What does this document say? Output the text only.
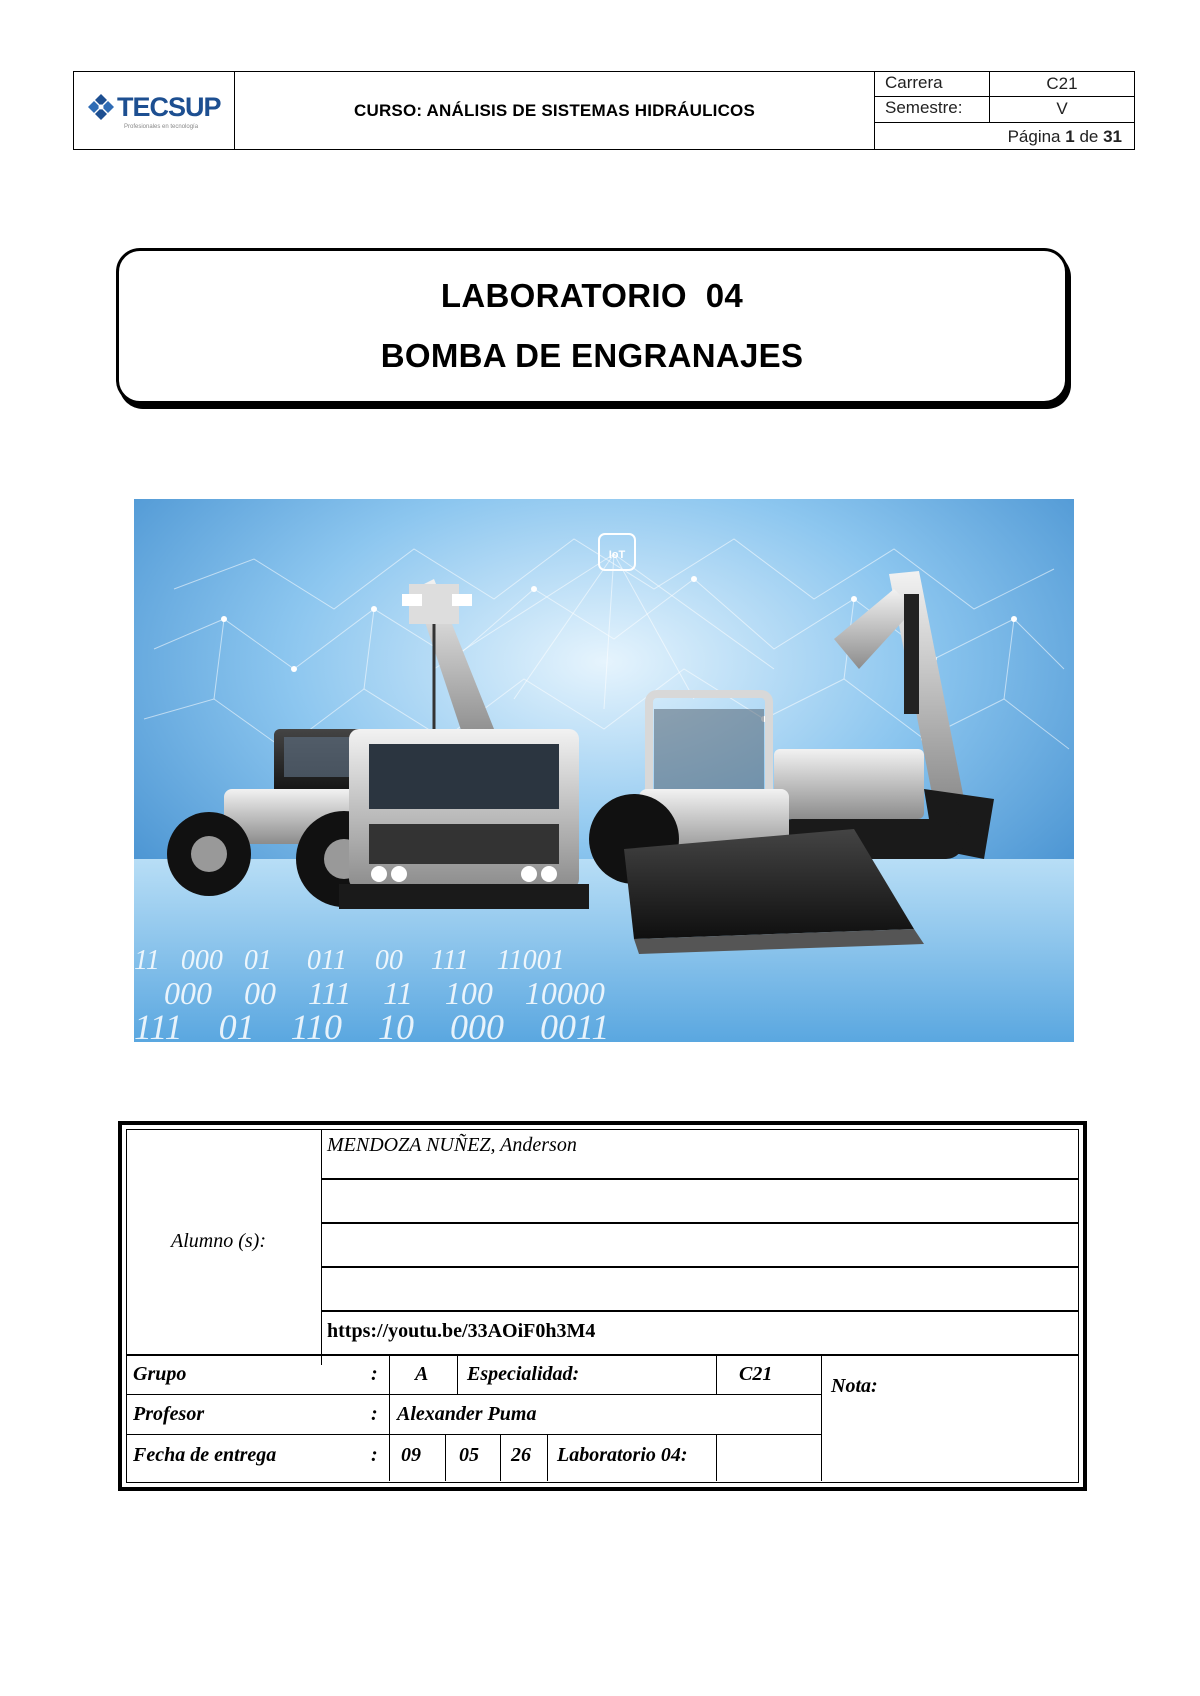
TECSUP
Profesionales en tecnología
CURSO: ANÁLISIS DE SISTEMAS HIDRÁULICOS
Carrera	C21
Semestre:	V
Página 1 de 31
LABORATORIO  04
BOMBA DE ENGRANAJES
IoT
11   000   01     011    00    111    11001
000    00    111    11    100    10000
111    01    110    10    000    0011
Alumno (s):
MENDOZA NUÑEZ, Anderson
https://youtu.be/33AOiF0h3M4
Grupo	: A Especialidad:	C21
Nota:
Profesor	: Alexander Puma
Fecha de entrega	: 09 05 26 Laboratorio 04:
